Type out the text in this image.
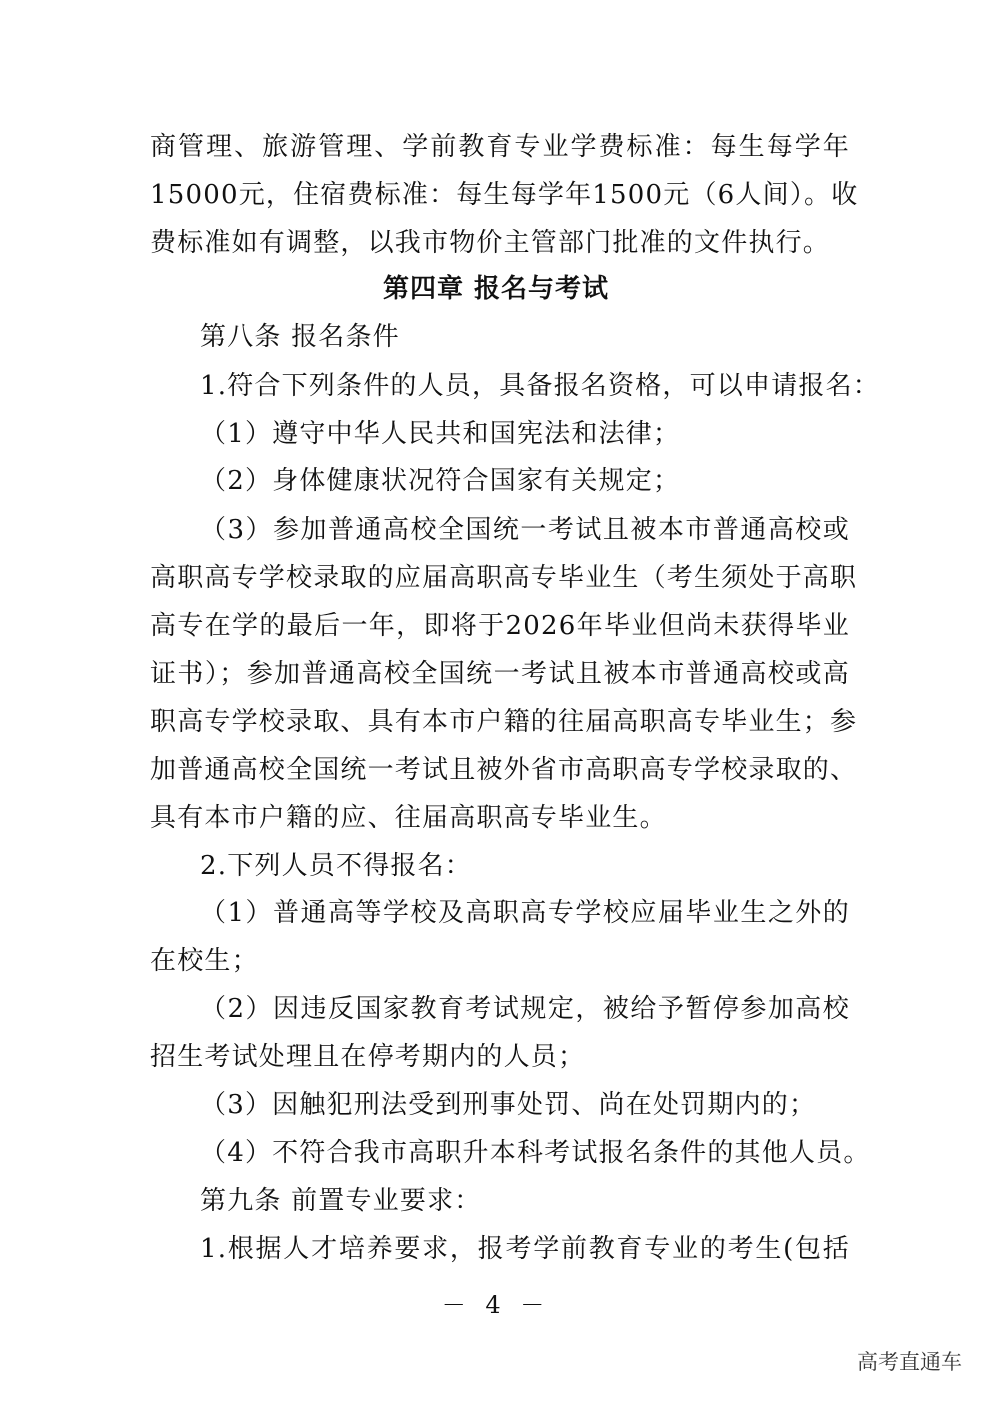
商管理、旅游管理、学前教育专业学费标准：每生每学年
15000元，住宿费标准：每生每学年1500元（6人间）。收
费标准如有调整，以我市物价主管部门批准的文件执行。
第四章 报名与考试
第八条 报名条件
1.符合下列条件的人员，具备报名资格，可以申请报名：
（1）遵守中华人民共和国宪法和法律；
（2）身体健康状况符合国家有关规定；
（3）参加普通高校全国统一考试且被本市普通高校或
高职高专学校录取的应届高职高专毕业生（考生须处于高职
高专在学的最后一年，即将于2026年毕业但尚未获得毕业
证书）；参加普通高校全国统一考试且被本市普通高校或高
职高专学校录取、具有本市户籍的往届高职高专毕业生；参
加普通高校全国统一考试且被外省市高职高专学校录取的、
具有本市户籍的应、往届高职高专毕业生。
2.下列人员不得报名：
（1）普通高等学校及高职高专学校应届毕业生之外的
在校生；
（2）因违反国家教育考试规定，被给予暂停参加高校
招生考试处理且在停考期内的人员；
（3）因触犯刑法受到刑事处罚、尚在处罚期内的；
（4）不符合我市高职升本科考试报名条件的其他人员。
第九条 前置专业要求：
1.根据人才培养要求，报考学前教育专业的考生(包括
－ 4 －
高考直通车
